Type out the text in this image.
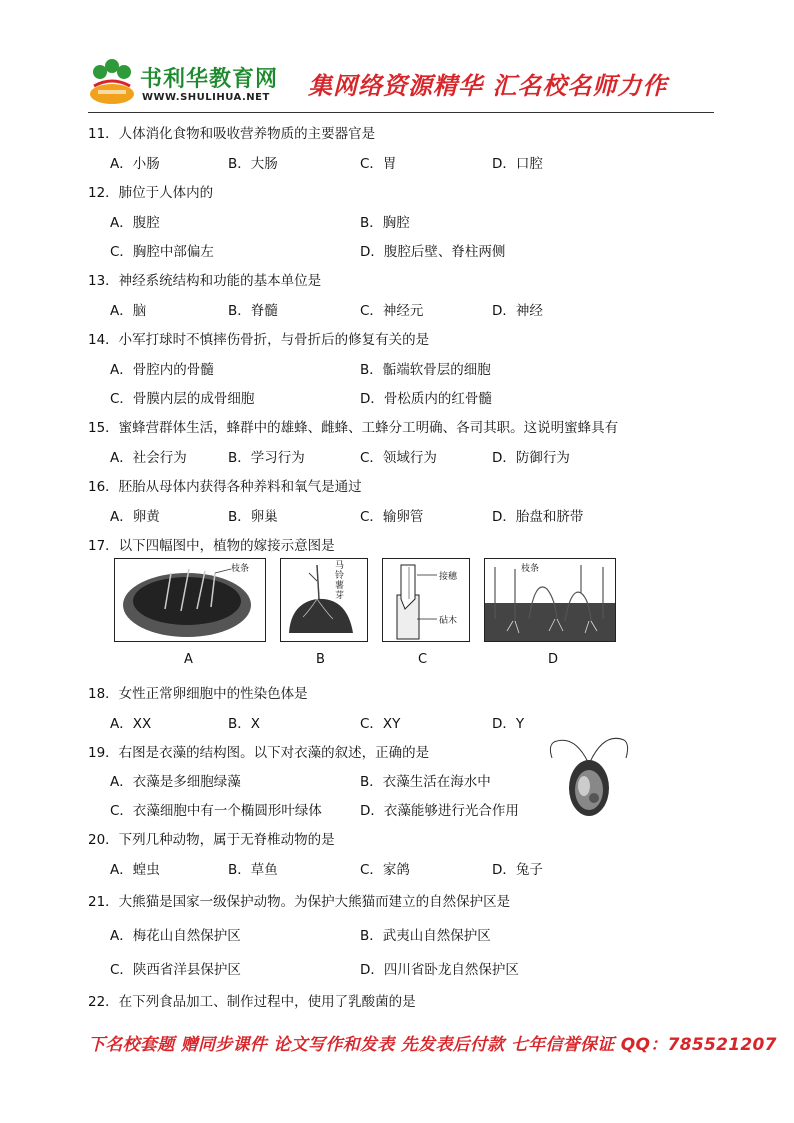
书利华教育网
WWW.SHULIHUA.NET 集网络资源精华 汇名校名师力作
11．人体消化食物和吸收营养物质的主要器官是
A．小肠	B．大肠	C．胃	D．口腔
12．肺位于人体内的
A．腹腔	B．胸腔
C．胸腔中部偏左	D．腹腔后壁、脊柱两侧
13．神经系统结构和功能的基本单位是
A．脑	B．脊髓	C．神经元	D．神经
14．小军打球时不慎摔伤骨折，与骨折后的修复有关的是
A．骨腔内的骨髓	B．骺端软骨层的细胞
C．骨膜内层的成骨细胞	D．骨松质内的红骨髓
15．蜜蜂营群体生活，蜂群中的雄蜂、雌蜂、工蜂分工明确、各司其职。这说明蜜蜂具有
A．社会行为	B．学习行为	C．领域行为	D．防御行为
16．胚胎从母体内获得各种养料和氧气是通过
A．卵黄	B．卵巢	C．输卵管	D．胎盘和脐带
17．以下四幅图中，植物的嫁接示意图是
枝条
A
马铃薯芽
B
接穗
砧木
C
枝条
D
18．女性正常卵细胞中的性染色体是
A．XX	B．X	C．XY	D．Y
19．右图是衣藻的结构图。以下对衣藻的叙述，正确的是
A．衣藻是多细胞绿藻	B．衣藻生活在海水中
C．衣藻细胞中有一个椭圆形叶绿体	D．衣藻能够进行光合作用
20．下列几种动物，属于无脊椎动物的是
A．蝗虫	B．草鱼	C．家鸽	D．兔子
21．大熊猫是国家一级保护动物。为保护大熊猫而建立的自然保护区是
A．梅花山自然保护区	B．武夷山自然保护区
C．陕西省洋县保护区	D．四川省卧龙自然保护区
22．在下列食品加工、制作过程中，使用了乳酸菌的是
下名校套题 赠同步课件 论文写作和发表 先发表后付款 七年信誉保证 QQ：785521207
